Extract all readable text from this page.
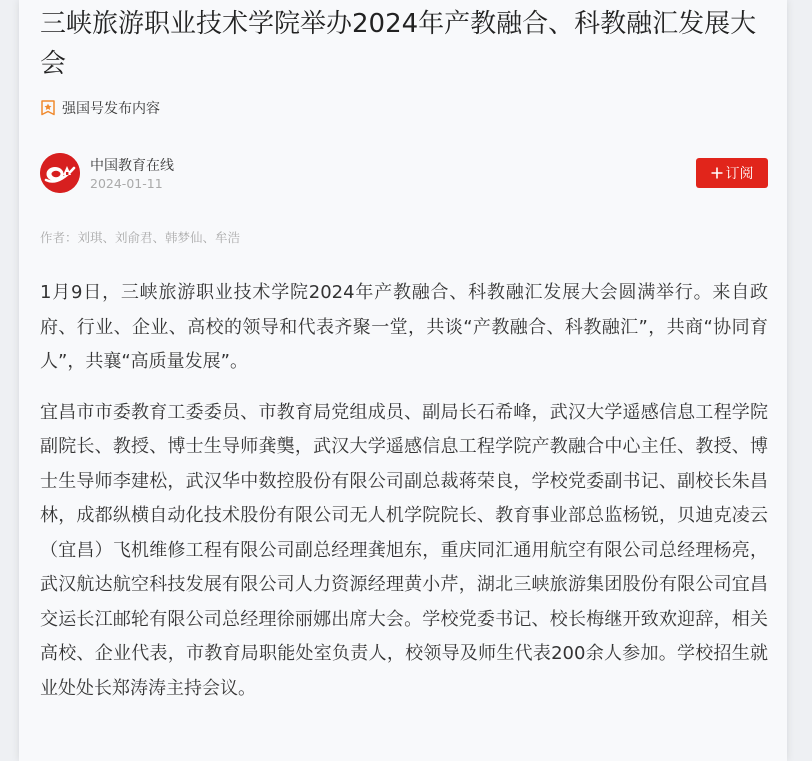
三峡旅游职业技术学院举办2024年产教融合、科教融汇发展大会
强国号发布内容
中国教育在线
2024-01-11
订阅
作者：刘琪、刘俞君、韩梦仙、牟浩

1月9日，三峡旅游职业技术学院2024年产教融合、科教融汇发展大会圆满举行。来自政府、行业、企业、高校的领导和代表齐聚一堂，共谈“产教融合、科教融汇”，共商“协同育人”，共襄“高质量发展”。

宜昌市市委教育工委委员、市教育局党组成员、副局长石希峰，武汉大学遥感信息工程学院副院长、教授、博士生导师龚龑，武汉大学遥感信息工程学院产教融合中心主任、教授、博士生导师李建松，武汉华中数控股份有限公司副总裁蒋荣良，学校党委副书记、副校长朱昌林，成都纵横自动化技术股份有限公司无人机学院院长、教育事业部总监杨锐，贝迪克凌云（宜昌）飞机维修工程有限公司副总经理龚旭东，重庆同汇通用航空有限公司总经理杨亮，武汉航达航空科技发展有限公司人力资源经理黄小芹，湖北三峡旅游集团股份有限公司宜昌交运长江邮轮有限公司总经理徐丽娜出席大会。学校党委书记、校长梅继开致欢迎辞，相关高校、企业代表，市教育局职能处室负责人，校领导及师生代表200余人参加。学校招生就业处处长郑涛涛主持会议。
